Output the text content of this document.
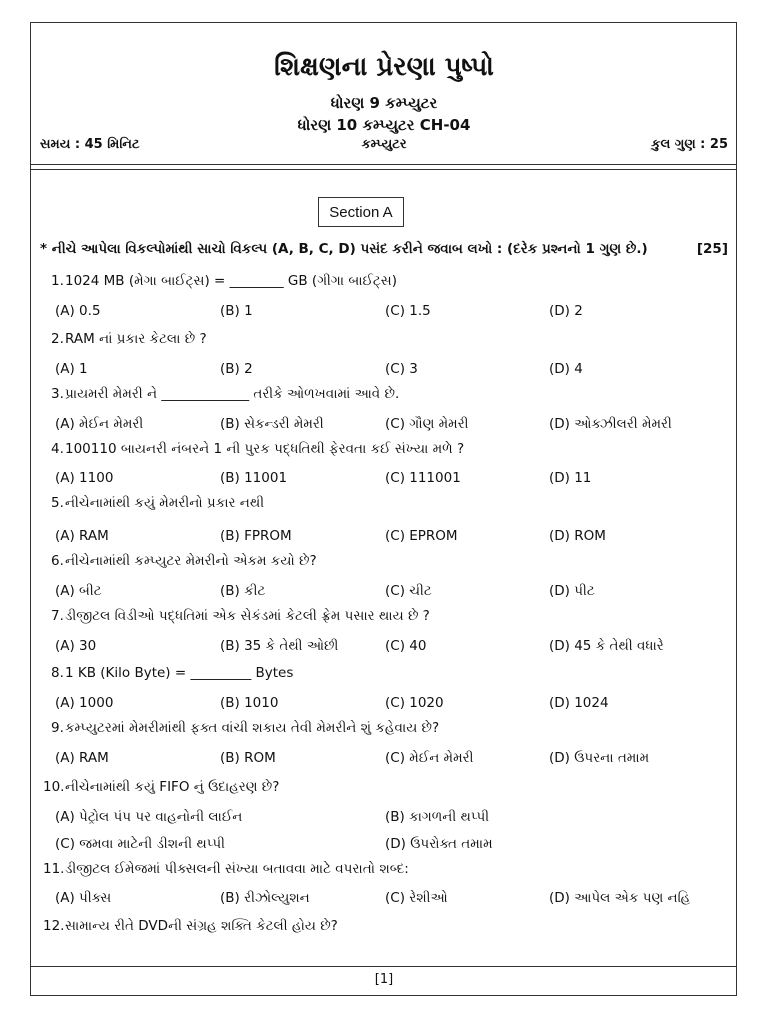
શિક્ષણના પ્રેરણા પુષ્પો
ધોરણ 9 કમ્પ્યુટર
ધોરણ 10 કમ્પ્યુટર CH-04
સમય : 45 મિનિટ	કમ્પ્યુટર	કુલ ગુણ : 25
Section A
* નીચે આપેલા વિકલ્પોમાંથી સાચો વિકલ્પ (A, B, C, D) પસંદ કરીને જવાબ લખો : (દરેક પ્રશ્નનો 1 ગુણ છે.)	[25]
1. 1024 MB (મેગા બાઈટ્સ) = ________ GB (ગીગા બાઈટ્સ)
(A) 0.5	(B) 1	(C) 1.5	(D) 2
2. RAM નાં પ્રકાર કેટલા છે ?
(A) 1	(B) 2	(C) 3	(D) 4
3. પ્રાયમરી મેમરી ને _____________ તરીકે ઓળખવામાં આવે છે.
(A) મેઈન મેમરી	(B) સેકન્ડરી મેમરી	(C) ગૌણ મેમરી	(D) ઓક્ઝીલરી મેમરી
4. 100110 બાયનરી નંબરને 1 ની પુરક પદ્ધતિથી ફેરવતા કઈ સંખ્યા મળે ?
(A) 1100	(B) 11001	(C) 111001	(D) 11
5. નીચેનામાંથી કયું મેમરીનો પ્રકાર નથી
(A) RAM	(B) FPROM	(C) EPROM	(D) ROM
6. નીચેનામાંથી કમ્પ્યુટર મેમરીનો એકમ કયો છે?
(A) બીટ	(B) કીટ	(C) ચીટ	(D) પીટ
7. ડીજીટલ વિડીઓ પદ્ધતિમાં એક સેકંડમાં કેટલી ફ્રેમ પસાર થાય છે ?
(A) 30	(B) 35 કે તેથી ઓછી	(C) 40	(D) 45 કે તેથી વધારે
8. 1 KB (Kilo Byte) = _________ Bytes
(A) 1000	(B) 1010	(C) 1020	(D) 1024
9. કમ્પ્યુટરમાં મેમરીમાંથી ફક્ત વાંચી શકાય તેવી મેમરીને શું કહેવાય છે?
(A) RAM	(B) ROM	(C) મેઈન મેમરી	(D) ઉપરના તમામ
10. નીચેનામાંથી કયું FIFO નું ઉદાહરણ છે?
(A) પેટ્રોલ પંપ પર વાહનોની લાઈન	(B) કાગળની થપ્પી
(C) જમવા માટેની ડીશની થપ્પી	(D) ઉપરોક્ત તમામ
11. ડીજીટલ ઈમેજમાં પીક્સલની સંખ્યા બતાવવા માટે વપરાતો શબ્દ:
(A) પીક્સ	(B) રીઝોલ્યુશન	(C) રેશીઓ	(D) આપેલ એક પણ નહિ
12. સામાન્ય રીતે DVDની સંગ્રહ શક્તિ કેટલી હોય છે?
[1]
